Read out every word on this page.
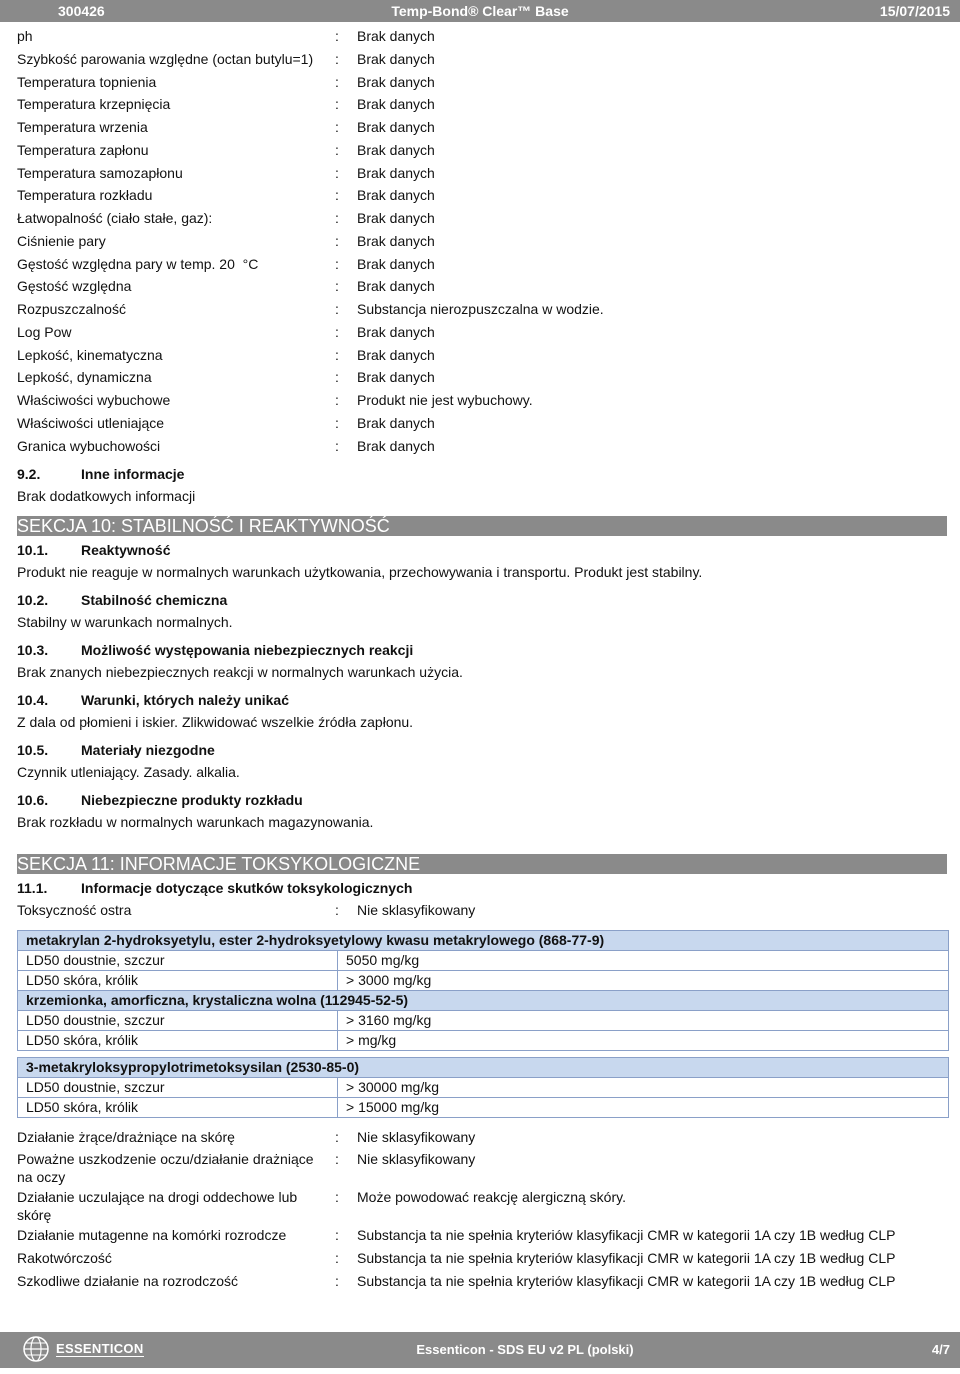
300426	Temp-Bond® Clear™ Base	15/07/2015
ph	: Brak danych
Szybkość parowania względne (octan butylu=1)	: Brak danych
Temperatura topnienia	: Brak danych
Temperatura krzepnięcia	: Brak danych
Temperatura wrzenia	: Brak danych
Temperatura zapłonu	: Brak danych
Temperatura samozapłonu	: Brak danych
Temperatura rozkładu	: Brak danych
Łatwopalność (ciało stałe, gaz):	: Brak danych
Ciśnienie pary	: Brak danych
Gęstość względna pary w temp. 20  °C	: Brak danych
Gęstość względna	: Brak danych
Rozpuszczalność	: Substancja nierozpuszczalna w wodzie.
Log Pow	: Brak danych
Lepkość, kinematyczna	: Brak danych
Lepkość, dynamiczna	: Brak danych
Właściwości wybuchowe	: Produkt nie jest wybuchowy.
Właściwości utleniające	: Brak danych
Granica wybuchowości	: Brak danych
9.2.	Inne informacje
Brak dodatkowych informacji
SEKCJA 10: STABILNOŚĆ I REAKTYWNOŚĆ
10.1. Reaktywność
Produkt nie reaguje w normalnych warunkach użytkowania, przechowywania i transportu. Produkt jest stabilny.
10.2. Stabilność chemiczna
Stabilny w warunkach normalnych.
10.3. Możliwość występowania niebezpiecznych reakcji
Brak znanych niebezpiecznych reakcji w normalnych warunkach użycia.
10.4. Warunki, których należy unikać
Z dala od płomieni i iskier. Zlikwidować wszelkie źródła zapłonu.
10.5. Materiały niezgodne
Czynnik utleniający. Zasady. alkalia.
10.6. Niebezpieczne produkty rozkładu
Brak rozkładu w normalnych warunkach magazynowania.
SEKCJA 11: INFORMACJE TOKSYKOLOGICZNE
11.1. Informacje dotyczące skutków toksykologicznych
Toksyczność ostra	: Nie sklasyfikowany
metakrylan 2-hydroksyetylu, ester 2-hydroksyetylowy kwasu metakrylowego (868-77-9)	
LD50 doustnie, szczur	5050 mg/kg
LD50 skóra, królik	> 3000 mg/kg
krzemionka, amorficzna, krystaliczna wolna (112945-52-5)	
LD50 doustnie, szczur	> 3160 mg/kg
LD50 skóra, królik	> mg/kg

3-metakryloksypropylotrimetoksysilan (2530-85-0)	
LD50 doustnie, szczur	> 30000 mg/kg
LD50 skóra, królik	> 15000 mg/kg
Działanie żrące/drażniące na skórę	: Nie sklasyfikowany
Poważne uszkodzenie oczu/działanie drażniące na oczy
: Nie sklasyfikowany
Działanie uczulające na drogi oddechowe lub skórę
: Może powodować reakcję alergiczną skóry.
Działanie mutagenne na komórki rozrodcze	: Substancja ta nie spełnia kryteriów klasyfikacji CMR w kategorii 1A czy 1B według CLP
Rakotwórczość	: Substancja ta nie spełnia kryteriów klasyfikacji CMR w kategorii 1A czy 1B według CLP
Szkodliwe działanie na rozrodczość	: Substancja ta nie spełnia kryteriów klasyfikacji CMR w kategorii 1A czy 1B według CLP
ESSENTICON	Essenticon - SDS EU v2 PL (polski)	4/7
